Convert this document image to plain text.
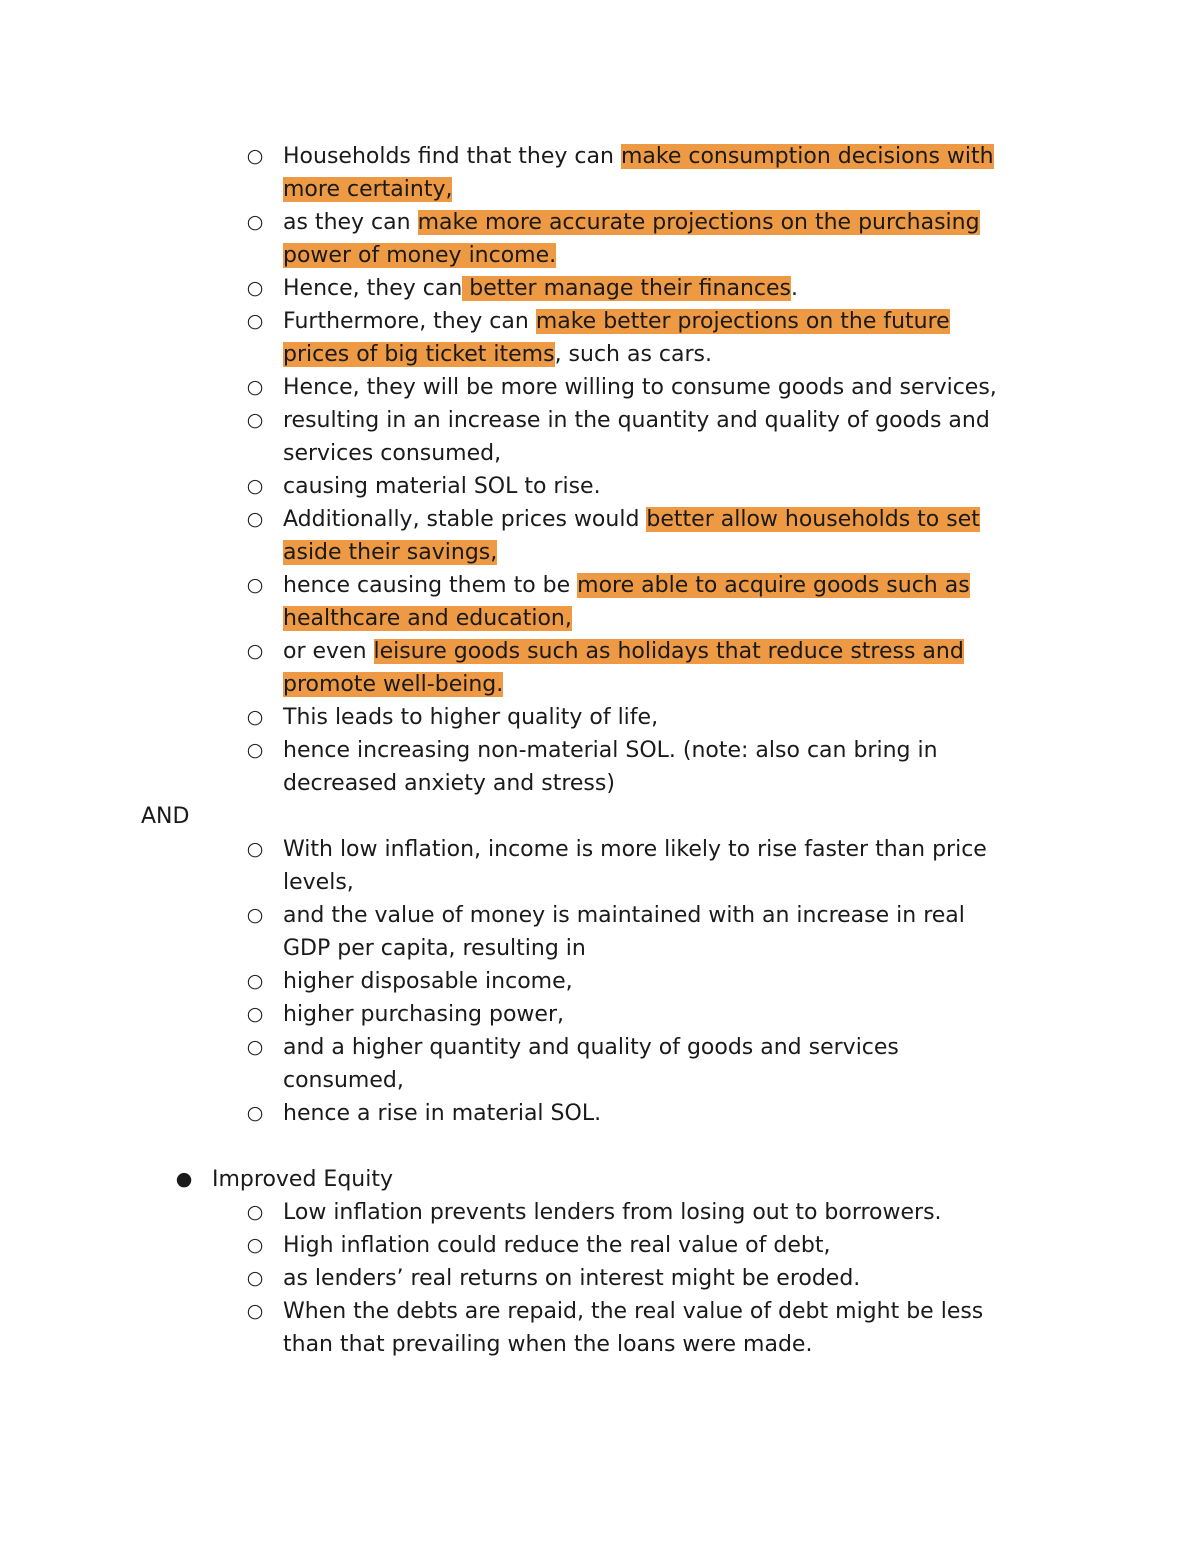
○ Households find that they can make consumption decisions with
more certainty,
○ as they can make more accurate projections on the purchasing
power of money income.
○ Hence, they can better manage their finances.
○ Furthermore, they can make better projections on the future
prices of big ticket items, such as cars.
○ Hence, they will be more willing to consume goods and services,
○ resulting in an increase in the quantity and quality of goods and
services consumed,
○ causing material SOL to rise.
○ Additionally, stable prices would better allow households to set
aside their savings,
○ hence causing them to be more able to acquire goods such as
healthcare and education,
○ or even leisure goods such as holidays that reduce stress and
promote well-being.
○ This leads to higher quality of life,
○ hence increasing non-material SOL. (note: also can bring in
decreased anxiety and stress)
AND
○ With low inflation, income is more likely to rise faster than price
levels,
○ and the value of money is maintained with an increase in real
GDP per capita, resulting in
○ higher disposable income,
○ higher purchasing power,
○ and a higher quantity and quality of goods and services
consumed,
○ hence a rise in material SOL.
● Improved Equity
○ Low inflation prevents lenders from losing out to borrowers.
○ High inflation could reduce the real value of debt,
○ as lenders’ real returns on interest might be eroded.
○ When the debts are repaid, the real value of debt might be less
than that prevailing when the loans were made.
